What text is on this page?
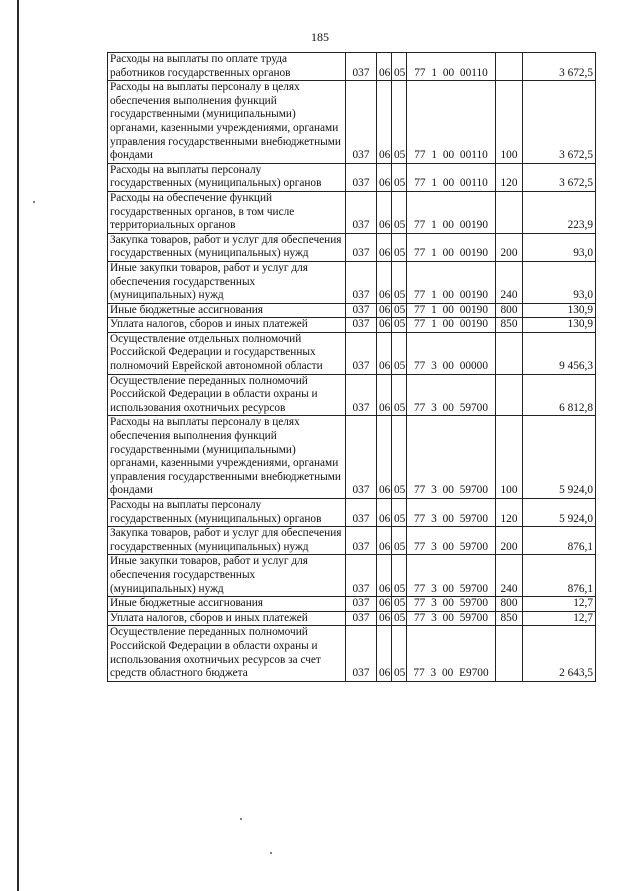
185
Расходы на выплаты по оплате труда работников государственных органов	037	06	05	77 1 00 00110		3 672,5
Расходы на выплаты персоналу в целях обеспечения выполнения функций государственными (муниципальными) органами, казенными учреждениями, органами управления государственными внебюджетными фондами	037	06	05	77 1 00 00110	100	3 672,5
Расходы на выплаты персоналу государственных (муниципальных) органов	037	06	05	77 1 00 00110	120	3 672,5
Расходы на обеспечение функций государственных органов, в том числе территориальных органов	037	06	05	77 1 00 00190		223,9
Закупка товаров, работ и услуг для обеспечения государственных (муниципальных) нужд	037	06	05	77 1 00 00190	200	93,0
Иные закупки товаров, работ и услуг для обеспечения государственных (муниципальных) нужд	037	06	05	77 1 00 00190	240	93,0
Иные бюджетные ассигнования	037	06	05	77 1 00 00190	800	130,9
Уплата налогов, сборов и иных платежей	037	06	05	77 1 00 00190	850	130,9
Осуществление отдельных полномочий Российской Федерации и государственных полномочий Еврейской автономной области	037	06	05	77 3 00 00000		9 456,3
Осуществление переданных полномочий Российской Федерации в области охраны и использования охотничьих ресурсов	037	06	05	77 3 00 59700		6 812,8
Расходы на выплаты персоналу в целях обеспечения выполнения функций государственными (муниципальными) органами, казенными учреждениями, органами управления государственными внебюджетными фондами	037	06	05	77 3 00 59700	100	5 924,0
Расходы на выплаты персоналу государственных (муниципальных) органов	037	06	05	77 3 00 59700	120	5 924,0
Закупка товаров, работ и услуг для обеспечения государственных (муниципальных) нужд	037	06	05	77 3 00 59700	200	876,1
Иные закупки товаров, работ и услуг для обеспечения государственных (муниципальных) нужд	037	06	05	77 3 00 59700	240	876,1
Иные бюджетные ассигнования	037	06	05	77 3 00 59700	800	12,7
Уплата налогов, сборов и иных платежей	037	06	05	77 3 00 59700	850	12,7
Осуществление переданных полномочий Российской Федерации в области охраны и использования охотничьих ресурсов за счет средств областного бюджета	037	06	05	77 3 00 E9700		2 643,5
